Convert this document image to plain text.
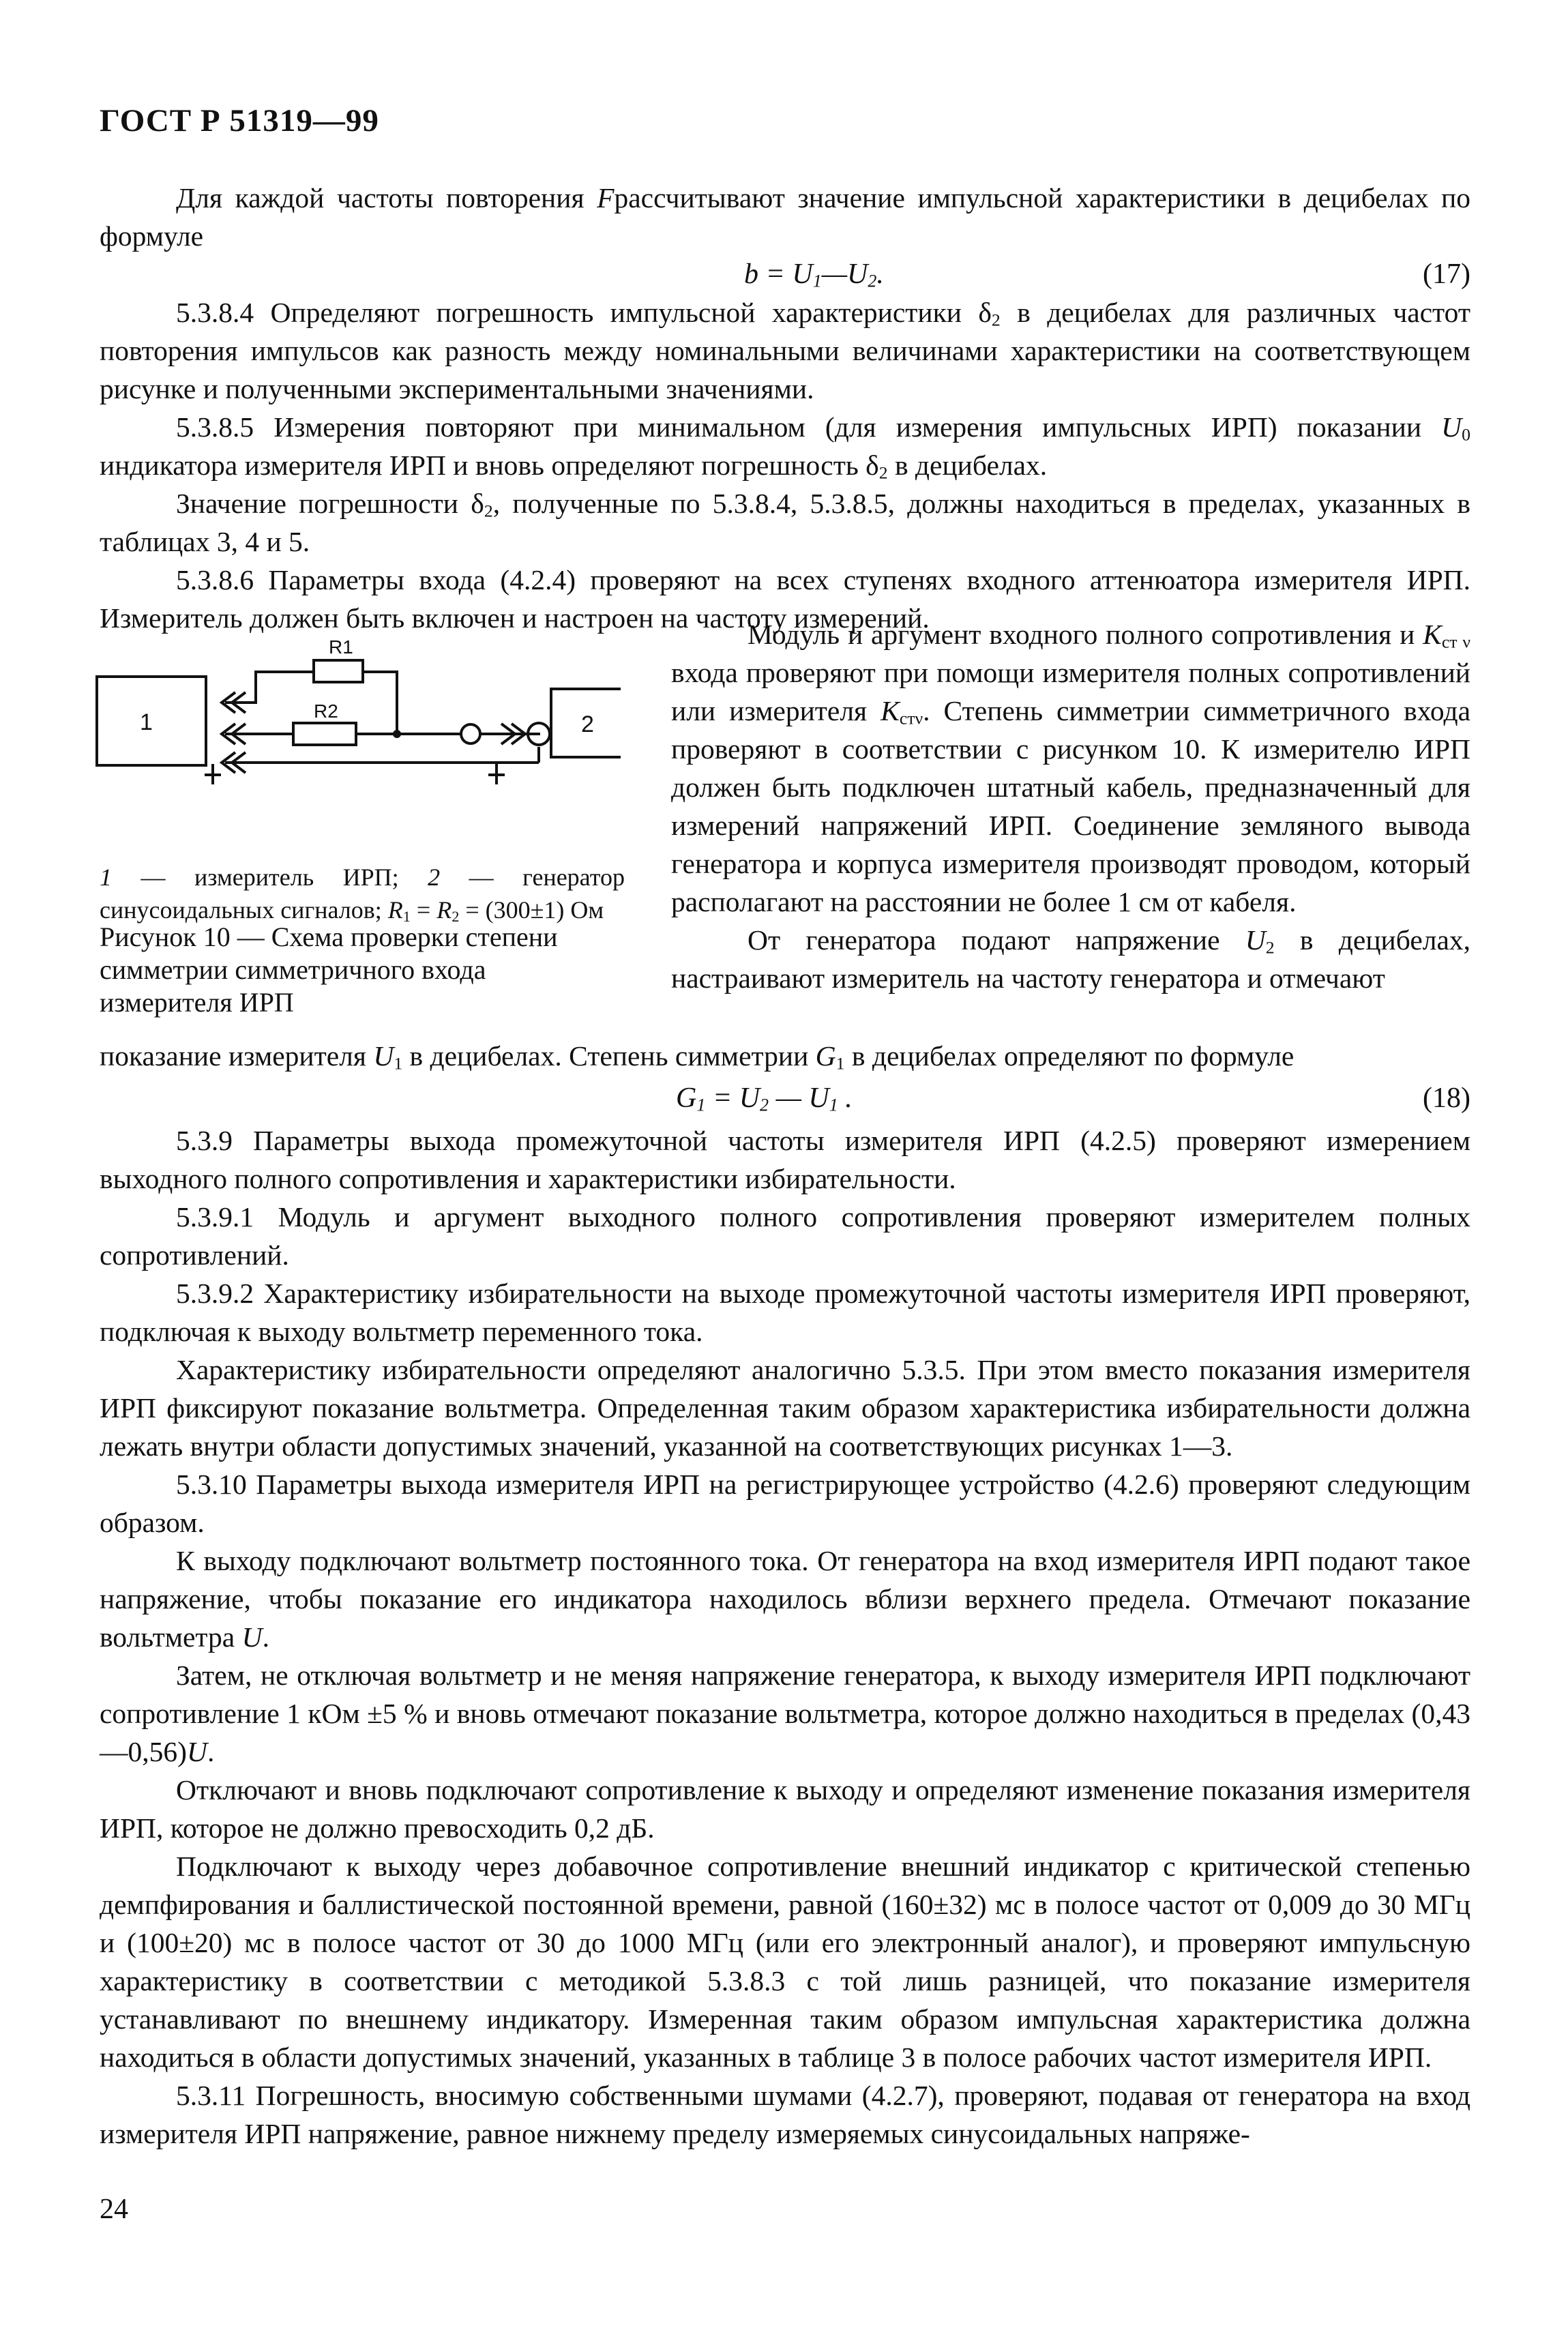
ГОСТ Р 51319—99

Для каждой частоты повторения Fрассчитывают значение импульсной характеристики в децибелах по формуле

$b = U_1—U_2$.	(17)

5.3.8.4 Определяют погрешность импульсной характеристики $\delta_2$ в децибелах для различных частот повторения импульсов как разность между номинальными величинами характеристики на соответствующем рисунке и полученными экспериментальными значениями.

5.3.8.5 Измерения повторяют при минимальном (для измерения импульсных ИРП) показании $U_0$ индикатора измерителя ИРП и вновь определяют погрешность $\delta_2$ в децибелах.

Значение погрешности $\delta_2$, полученные по 5.3.8.4, 5.3.8.5, должны находиться в пределах, указанных в таблицах 3, 4 и 5.

5.3.8.6 Параметры входа (4.2.4) проверяют на всех ступенях входного аттенюатора измерителя ИРП. Измеритель должен быть включен и настроен на частоту измерений.

R1
R2
1	2
1 — измеритель ИРП; 2 — генератор синусоидальных сигналов; $R_1 = R_2 = (300\pm 1)$ Ом
Рисунок 10 — Схема проверки степени симметрии симметричного входа измерителя ИРП

Модуль и аргумент входного полного сопротивления и $K_{ст \nu}$ входа проверяют при помощи измерителя полных сопротивлений или измерителя $K_{ст\nu}$. Степень симметрии симметричного входа проверяют в соответствии с рисунком 10. К измерителю ИРП должен быть подключен штатный кабель, предназначенный для измерений напряжений ИРП. Соединение земляного вывода генератора и корпуса измерителя производят проводом, который располагают на расстоянии не более 1 см от кабеля.

От генератора подают напряжение $U_2$ в децибелах, настраивают измеритель на частоту генератора и отмечают

показание измерителя $U_1$ в децибелах. Степень симметрии $G_1$ в децибелах определяют по формуле

$G_1 = U_2$ — $U_1$ .	(18)

5.3.9 Параметры выхода промежуточной частоты измерителя ИРП (4.2.5) проверяют измерением выходного полного сопротивления и характеристики избирательности.

5.3.9.1 Модуль и аргумент выходного полного сопротивления проверяют измерителем полных сопротивлений.

5.3.9.2 Характеристику избирательности на выходе промежуточной частоты измерителя ИРП проверяют, подключая к выходу вольтметр переменного тока.

Характеристику избирательности определяют аналогично 5.3.5. При этом вместо показания измерителя ИРП фиксируют показание вольтметра. Определенная таким образом характеристика избирательности должна лежать внутри области допустимых значений, указанной на соответствующих рисунках 1—3.

5.3.10 Параметры выхода измерителя ИРП на регистрирующее устройство (4.2.6) проверяют следующим образом.

К выходу подключают вольтметр постоянного тока. От генератора на вход измерителя ИРП подают такое напряжение, чтобы показание его индикатора находилось вблизи верхнего предела. Отмечают показание вольтметра U.

Затем, не отключая вольтметр и не меняя напряжение генератора, к выходу измерителя ИРП подключают сопротивление 1 кОм ±5 % и вновь отмечают показание вольтметра, которое должно находиться в пределах (0,43—0,56)U.

Отключают и вновь подключают сопротивление к выходу и определяют изменение показания измерителя ИРП, которое не должно превосходить 0,2 дБ.

Подключают к выходу через добавочное сопротивление внешний индикатор с критической степенью демпфирования и баллистической постоянной времени, равной (160±32) мс в полосе частот от 0,009 до 30 МГц и (100±20) мс в полосе частот от 30 до 1000 МГц (или его электронный аналог), и проверяют импульсную характеристику в соответствии с методикой 5.3.8.3 с той лишь разницей, что показание измерителя устанавливают по внешнему индикатору. Измеренная таким образом импульсная характеристика должна находиться в области допустимых значений, указанных в таблице 3 в полосе рабочих частот измерителя ИРП.

5.3.11 Погрешность, вносимую собственными шумами (4.2.7), проверяют, подавая от генератора на вход измерителя ИРП напряжение, равное нижнему пределу измеряемых синусоидальных напряже-

24
